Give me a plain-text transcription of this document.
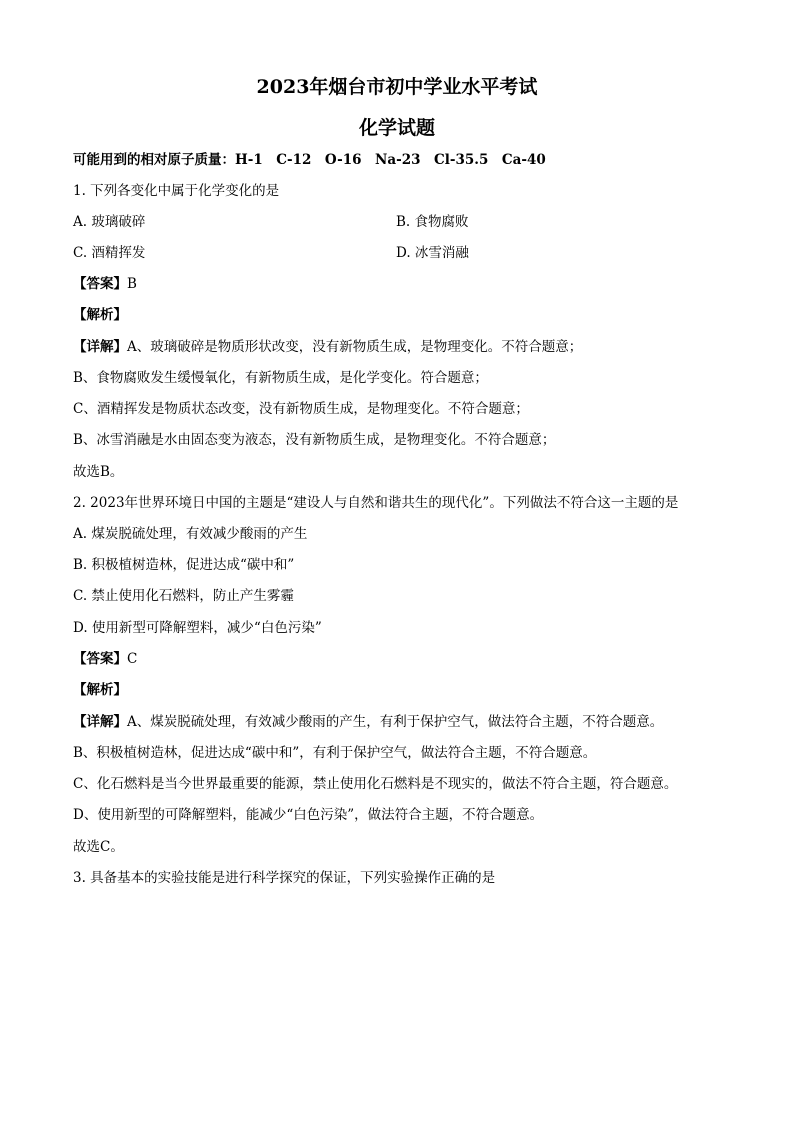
2023年烟台市初中学业水平考试
化学试题
可能用到的相对原子质量：H-1　C-12　O-16　Na-23　Cl-35.5　Ca-40
1. 下列各变化中属于化学变化的是
A. 玻璃破碎	B. 食物腐败
C. 酒精挥发	D. 冰雪消融
【答案】B
【解析】
【详解】A、玻璃破碎是物质形状改变，没有新物质生成，是物理变化。不符合题意；
B、食物腐败发生缓慢氧化，有新物质生成，是化学变化。符合题意；
C、酒精挥发是物质状态改变，没有新物质生成，是物理变化。不符合题意；
B、冰雪消融是水由固态变为液态，没有新物质生成，是物理变化。不符合题意；
故选B。
2. 2023年世界环境日中国的主题是“建设人与自然和谐共生的现代化”。下列做法不符合这一主题的是
A. 煤炭脱硫处理，有效减少酸雨的产生
B. 积极植树造林，促进达成“碳中和”
C. 禁止使用化石燃料，防止产生雾霾
D. 使用新型可降解塑料，减少“白色污染”
【答案】C
【解析】
【详解】A、煤炭脱硫处理，有效减少酸雨的产生，有利于保护空气，做法符合主题，不符合题意。
B、积极植树造林，促进达成“碳中和”，有利于保护空气，做法符合主题，不符合题意。
C、化石燃料是当今世界最重要的能源，禁止使用化石燃料是不现实的，做法不符合主题，符合题意。
D、使用新型的可降解塑料，能减少“白色污染”，做法符合主题，不符合题意。
故选C。
3. 具备基本的实验技能是进行科学探究的保证，下列实验操作正确的是
